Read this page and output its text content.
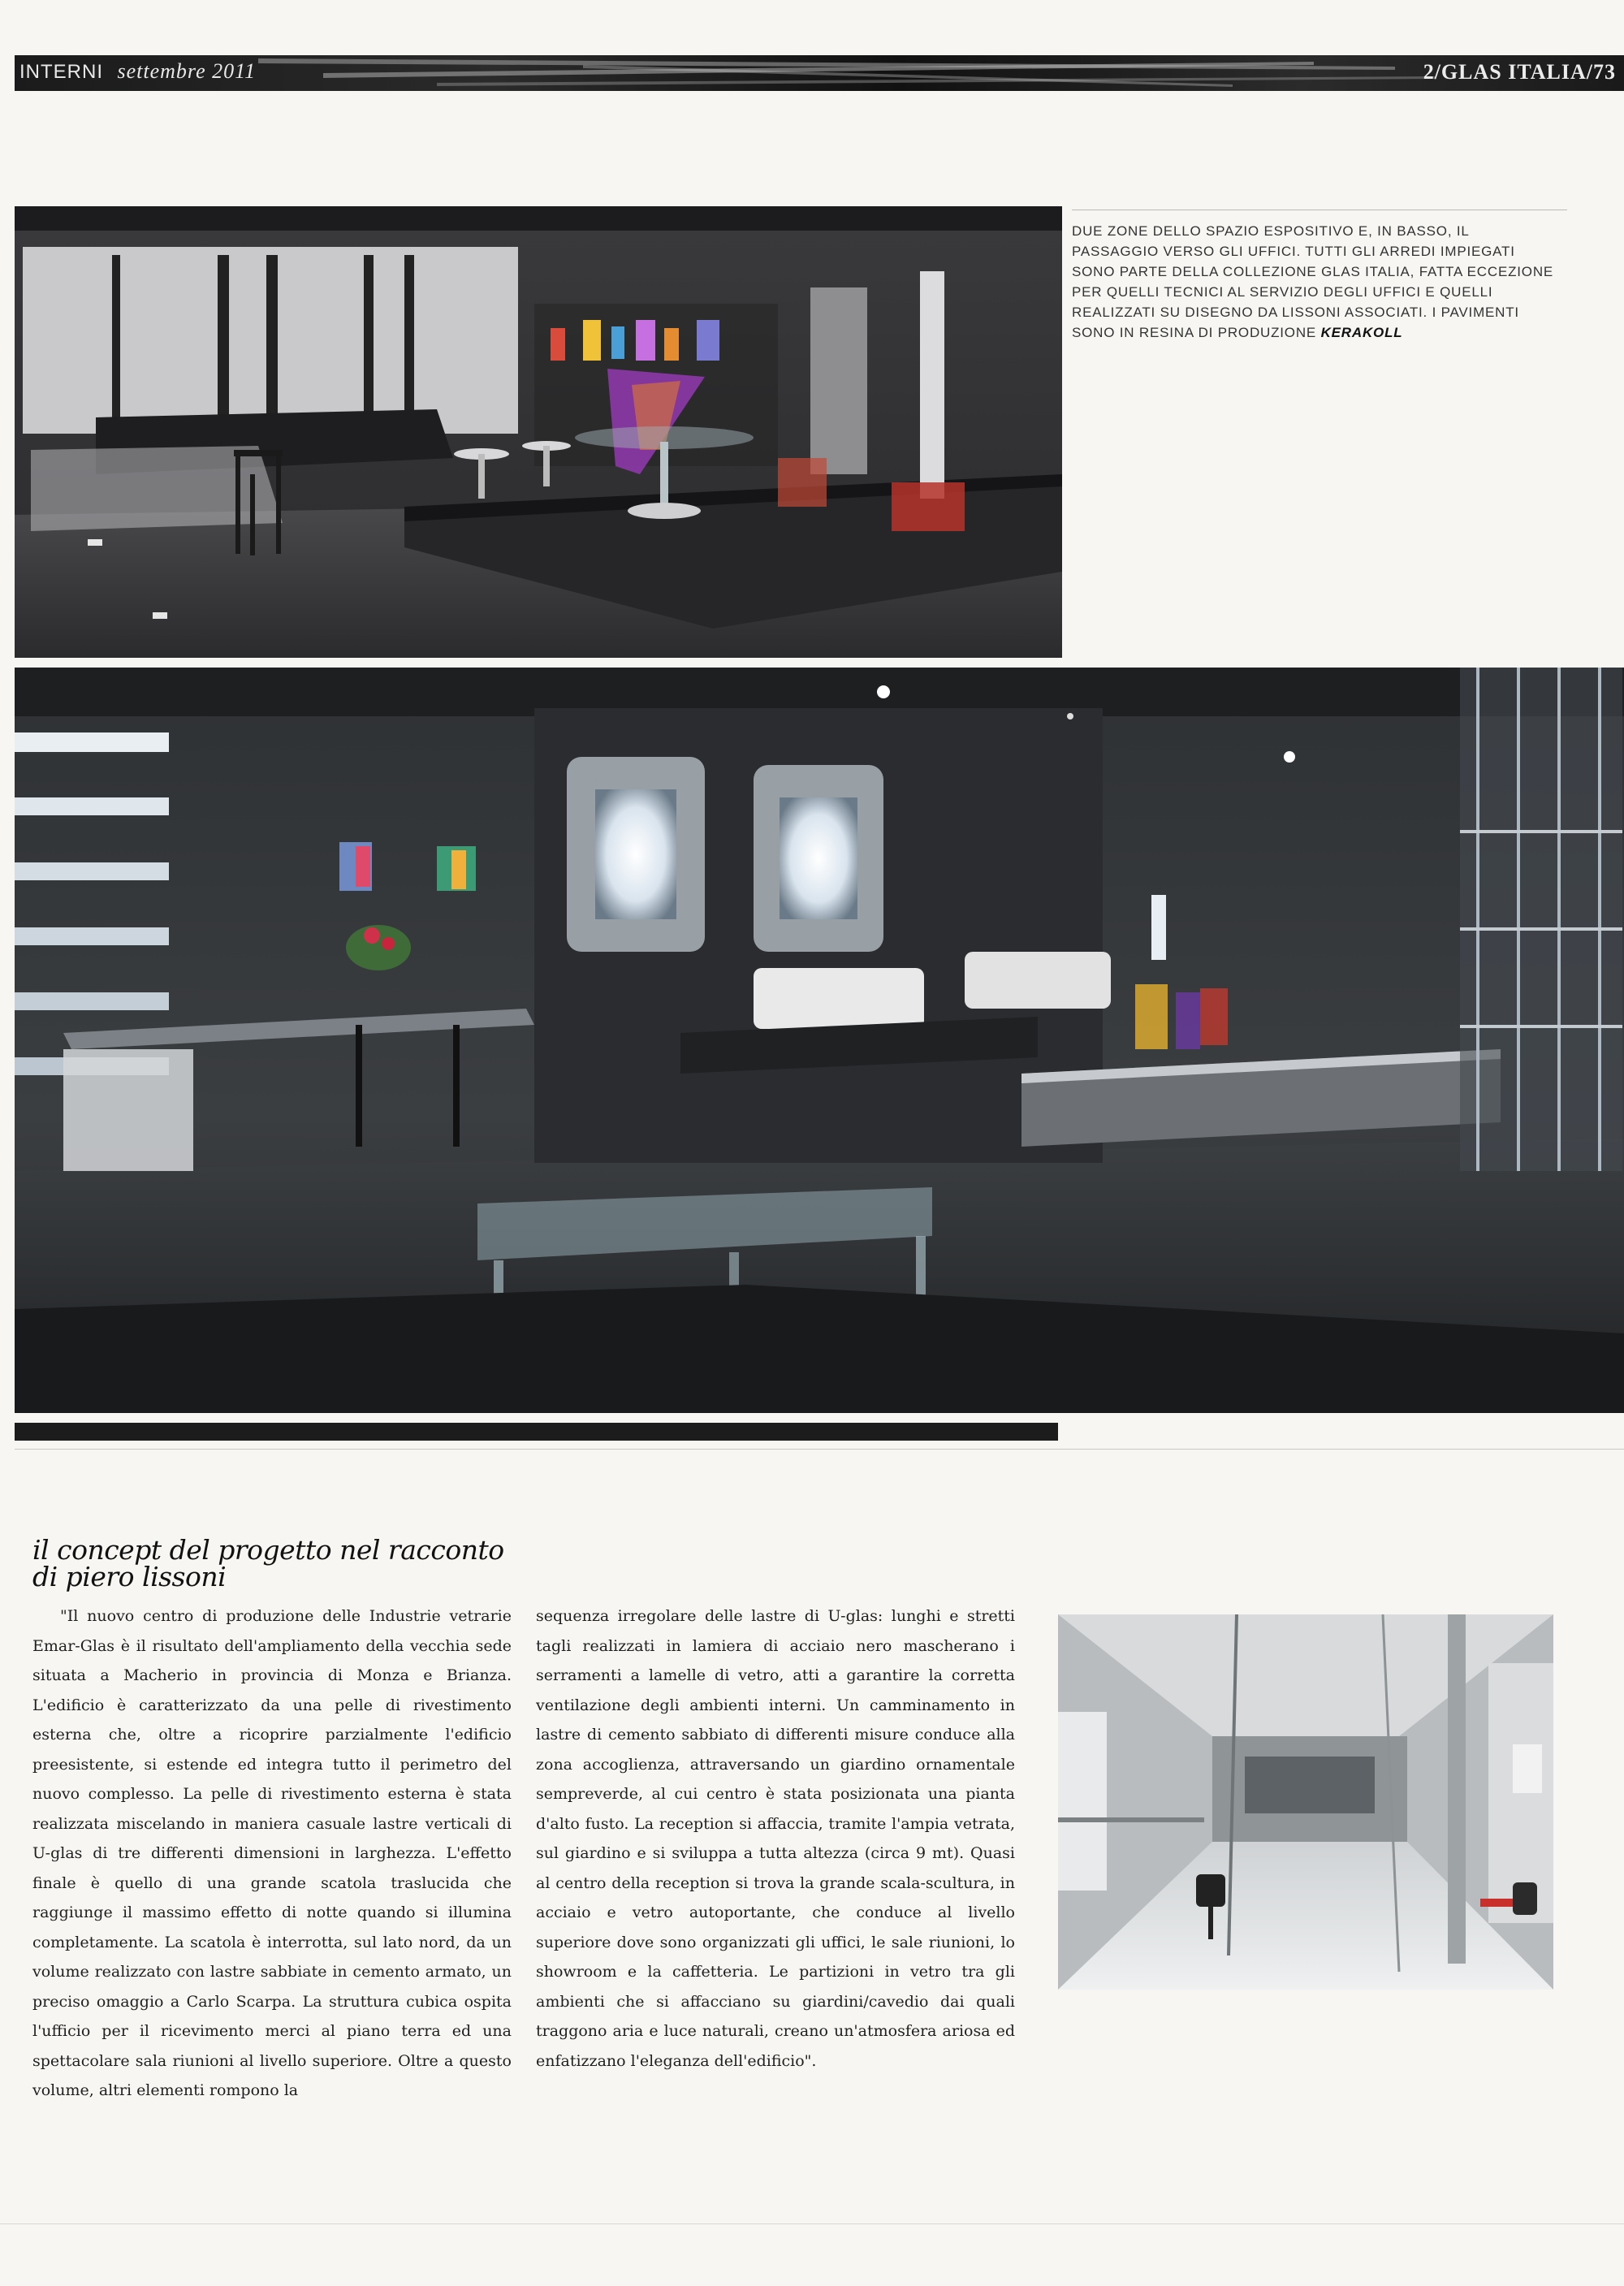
INTERNI settembre 2011	2/GLAS ITALIA/73
DUE ZONE DELLO SPAZIO ESPOSITIVO E, IN BASSO, IL PASSAGGIO VERSO GLI UFFICI. TUTTI GLI ARREDI IMPIEGATI SONO PARTE DELLA COLLEZIONE GLAS ITALIA, FATTA ECCEZIONE PER QUELLI TECNICI AL SERVIZIO DEGLI UFFICI E QUELLI REALIZZATI SU DISEGNO DA LISSONI ASSOCIATI. I PAVIMENTI SONO IN RESINA DI PRODUZIONE KERAKOLL
il concept del progetto nel racconto
di piero lissoni

"Il nuovo centro di produzione delle Industrie vetrarie Emar-Glas è il risultato dell'ampliamento della vecchia sede situata a Macherio in provincia di Monza e Brianza. L'edificio è caratterizzato da una pelle di rivestimento esterna che, oltre a ricoprire parzialmente l'edificio preesistente, si estende ed integra tutto il perimetro del nuovo complesso. La pelle di rivestimento esterna è stata realizzata miscelando in maniera casuale lastre verticali di U-glas di tre differenti dimensioni in larghezza. L'effetto finale è quello di una grande scatola traslucida che raggiunge il massimo effetto di notte quando si illumina completamente. La scatola è interrotta, sul lato nord, da un volume realizzato con lastre sabbiate in cemento armato, un preciso omaggio a Carlo Scarpa. La struttura cubica ospita l'ufficio per il ricevimento merci al piano terra ed una spettacolare sala riunioni al livello superiore. Oltre a questo volume, altri elementi rompono la

sequenza irregolare delle lastre di U-glas: lunghi e stretti tagli realizzati in lamiera di acciaio nero mascherano i serramenti a lamelle di vetro, atti a garantire la corretta ventilazione degli ambienti interni. Un camminamento in lastre di cemento sabbiato di differenti misure conduce alla zona accoglienza, attraversando un giardino ornamentale sempreverde, al cui centro è stata posizionata una pianta d'alto fusto. La reception si affaccia, tramite l'ampia vetrata, sul giardino e si sviluppa a tutta altezza (circa 9 mt). Quasi al centro della reception si trova la grande scala-scultura, in acciaio e vetro autoportante, che conduce al livello superiore dove sono organizzati gli uffici, le sale riunioni, lo showroom e la caffetteria. Le partizioni in vetro tra gli ambienti che si affacciano su giardini/cavedio dai quali traggono aria e luce naturali, creano un'atmosfera ariosa ed enfatizzano l'eleganza dell'edificio".
